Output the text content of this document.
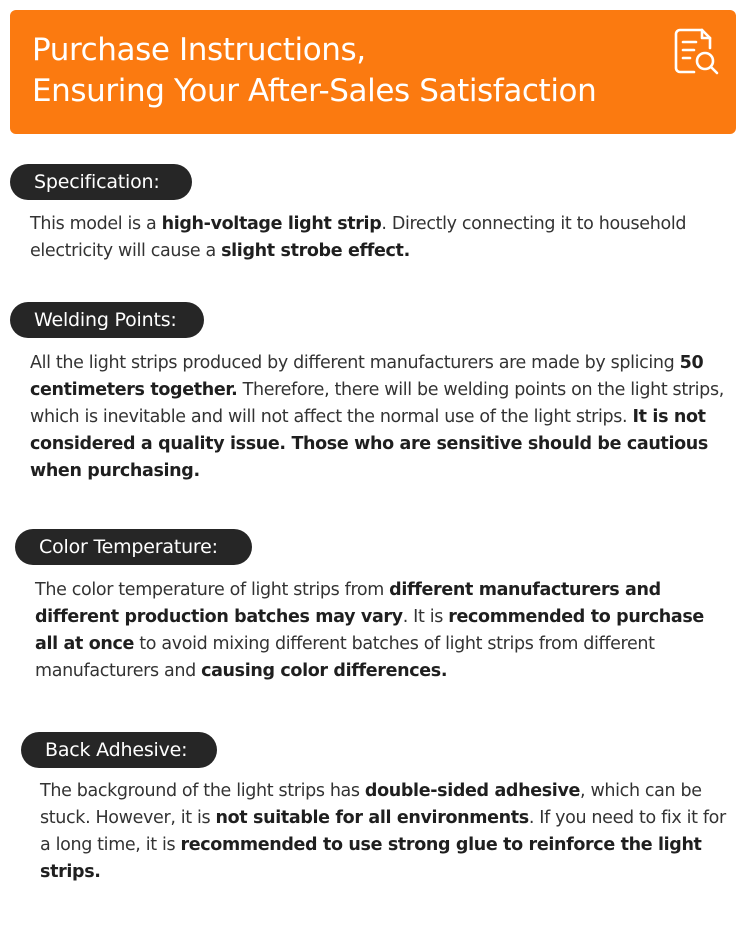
Purchase Instructions,
Ensuring Your After-Sales Satisfaction
Specification:
This model is a high-voltage light strip. Directly connecting it to household electricity will cause a slight strobe effect.
Welding Points:
All the light strips produced by different manufacturers are made by splicing 50 centimeters together. Therefore, there will be welding points on the light strips, which is inevitable and will not affect the normal use of the light strips. It is not considered a quality issue. Those who are sensitive should be cautious when purchasing.
Color Temperature:
The color temperature of light strips from different manufacturers and different production batches may vary. It is recommended to purchase all at once to avoid mixing different batches of light strips from different manufacturers and causing color differences.
Back Adhesive:
The background of the light strips has double-sided adhesive, which can be stuck. However, it is not suitable for all environments. If you need to fix it for a long time, it is recommended to use strong glue to reinforce the light strips.
